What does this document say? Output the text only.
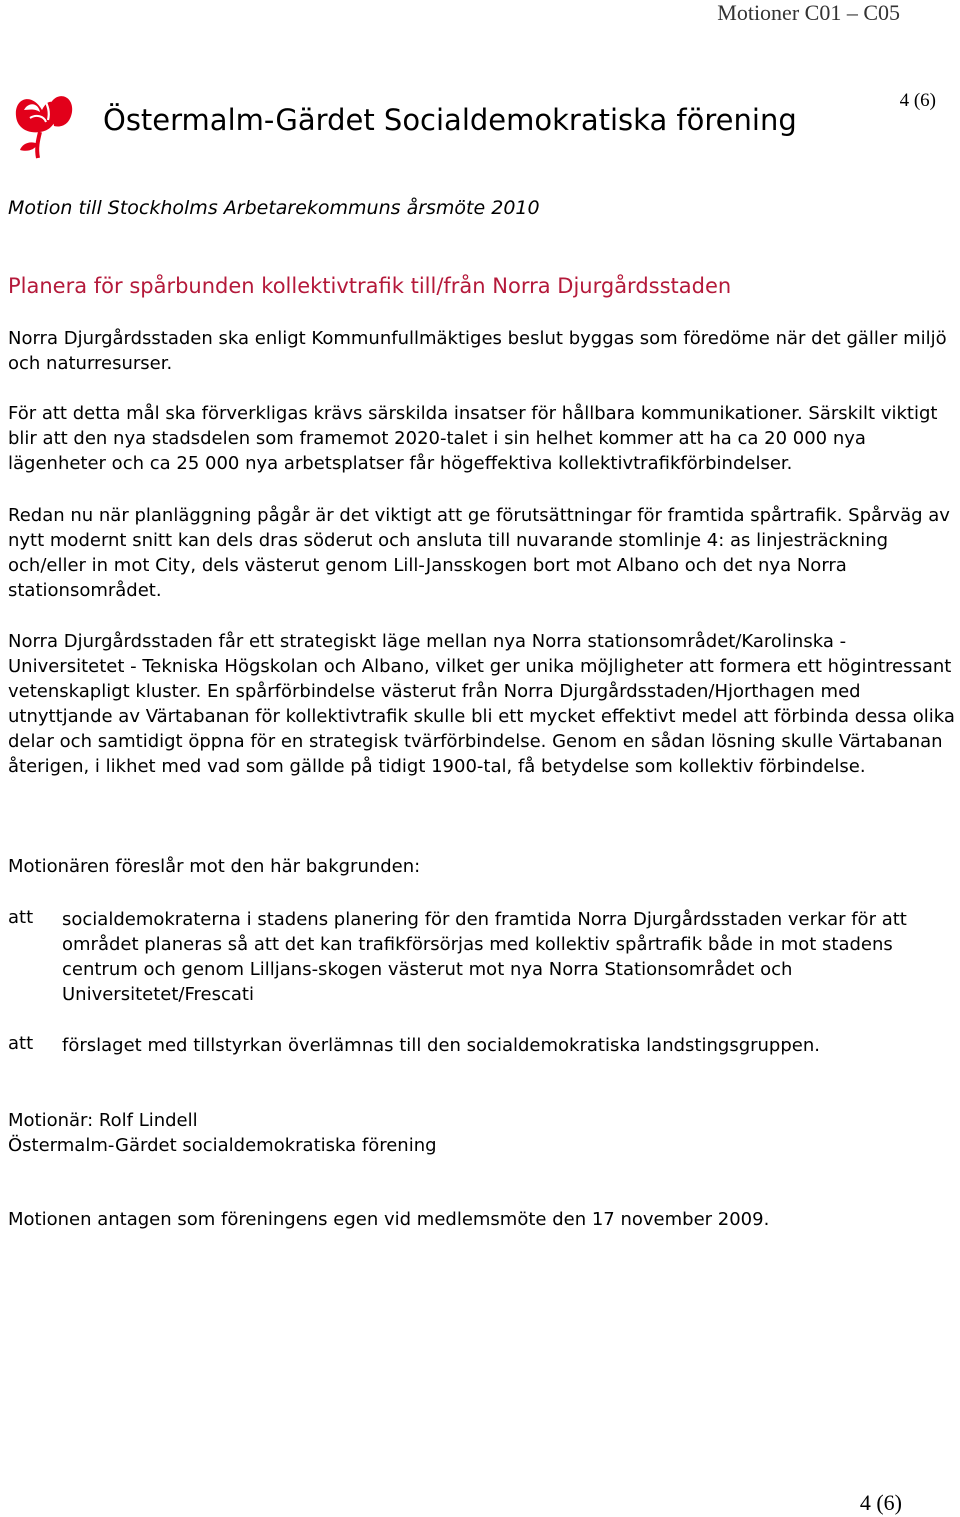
Motioner C01 – C05
Östermalm-Gärdet Socialdemokratiska förening
4 (6)
Motion till Stockholms Arbetarekommuns årsmöte 2010
Planera för spårbunden kollektivtrafik till/från Norra Djurgårdsstaden

Norra Djurgårdsstaden ska enligt Kommunfullmäktiges beslut byggas som föredöme när det gäller miljö och naturresurser.

För att detta mål ska förverkligas krävs särskilda insatser för hållbara kommunikationer. Särskilt viktigt blir att den nya stadsdelen som framemot 2020-talet i sin helhet kommer att ha ca 20 000 nya lägenheter och ca 25 000 nya arbetsplatser får högeffektiva kollektivtrafikförbindelser.

Redan nu när planläggning pågår är det viktigt att ge förutsättningar för framtida spårtrafik. Spårväg av nytt modernt snitt kan dels dras söderut och ansluta till nuvarande stomlinje 4: as linjesträckning och/eller in mot City, dels västerut genom Lill-Jansskogen bort mot Albano och det nya Norra stationsområdet.

Norra Djurgårdsstaden får ett strategiskt läge mellan nya Norra stationsområdet/Karolinska - Universitetet - Tekniska Högskolan och Albano, vilket ger unika möjligheter att formera ett högintressant vetenskapligt kluster. En spårförbindelse västerut från Norra Djurgårdsstaden/Hjorthagen med utnyttjande av Värtabanan för kollektivtrafik skulle bli ett mycket effektivt medel att förbinda dessa olika delar och samtidigt öppna för en strategisk tvärförbindelse. Genom en sådan lösning skulle Värtabanan återigen, i likhet med vad som gällde på tidigt 1900-tal, få betydelse som kollektiv förbindelse.

Motionären föreslår mot den här bakgrunden:
att socialdemokraterna i stadens planering för den framtida Norra Djurgårdsstaden verkar för att området planeras så att det kan trafikförsörjas med kollektiv spårtrafik både in mot stadens centrum och genom Lilljans-skogen västerut mot nya Norra Stationsområdet och Universitetet/Frescati

att förslaget med tillstyrkan överlämnas till den socialdemokratiska landstingsgruppen.

Motionär: Rolf Lindell
Östermalm-Gärdet socialdemokratiska förening
Motionen antagen som föreningens egen vid medlemsmöte den 17 november 2009.
4 (6)
